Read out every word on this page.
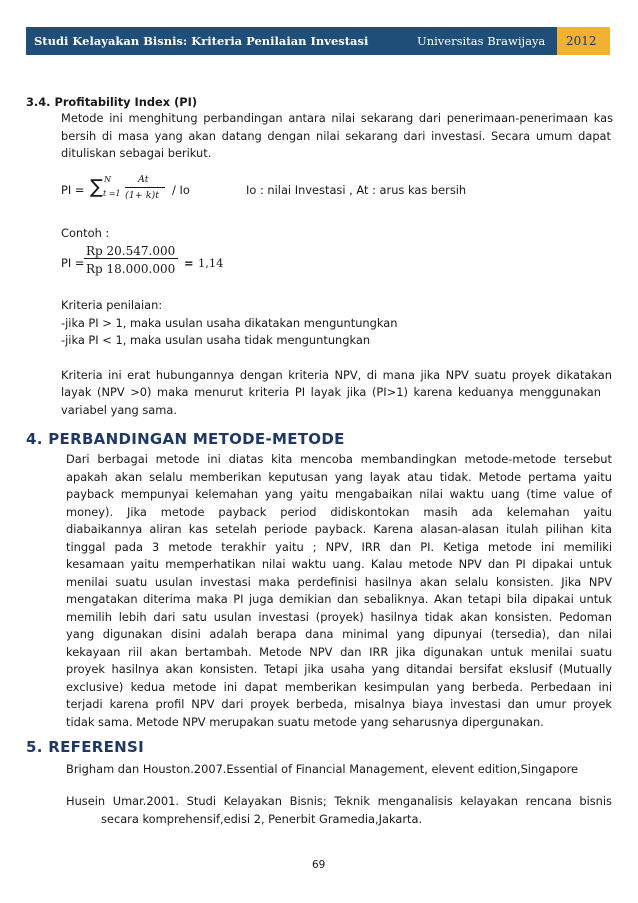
Studi Kelayakan Bisnis: Kriteria Penilaian Investasi	Universitas Brawijaya 2012
3.4. Profitability Index (PI)
Metode ini menghitung perbandingan antara nilai sekarang dari penerimaan-penerimaan kas
bersih di masa yang akan datang dengan nilai sekarang dari investasi. Secara umum dapat
dituliskan sebagai berikut.
PI = ∑ N
t =1
At
(1+ k)t / Io	Io : nilai Investasi , At : arus kas bersih
Contoh :
PI =
Rp 20.547.000
Rp 18.000.000 = 1,14
Kriteria penilaian:
-jika PI > 1, maka usulan usaha dikatakan menguntungkan
-jika PI < 1, maka usulan usaha tidak menguntungkan
Kriteria ini erat hubungannya dengan kriteria NPV, di mana jika NPV suatu proyek dikatakan
layak (NPV >0) maka menurut kriteria PI layak jika (PI>1) karena keduanya menggunakan
variabel yang sama.
4. PERBANDINGAN METODE-METODE
Dari berbagai metode ini diatas kita mencoba membandingkan metode-metode tersebut
apakah akan selalu memberikan keputusan yang layak atau tidak. Metode pertama yaitu
payback mempunyai kelemahan yang yaitu mengabaikan nilai waktu uang (time value of
money). Jika metode payback period didiskontokan masih ada kelemahan yaitu
diabaikannya aliran kas setelah periode payback. Karena alasan-alasan itulah pilihan kita
tinggal pada 3 metode terakhir yaitu ; NPV, IRR dan PI. Ketiga metode ini memiliki
kesamaan yaitu memperhatikan nilai waktu uang. Kalau metode NPV dan PI dipakai untuk
menilai suatu usulan investasi maka perdefinisi hasilnya akan selalu konsisten. Jika NPV
mengatakan diterima maka PI juga demikian dan sebaliknya. Akan tetapi bila dipakai untuk
memilih lebih dari satu usulan investasi (proyek) hasilnya tidak akan konsisten. Pedoman
yang digunakan disini adalah berapa dana minimal yang dipunyai (tersedia), dan nilai
kekayaan riil akan bertambah. Metode NPV dan IRR jika digunakan untuk menilai suatu
proyek hasilnya akan konsisten. Tetapi jika usaha yang ditandai bersifat ekslusif (Mutually
exclusive) kedua metode ini dapat memberikan kesimpulan yang berbeda. Perbedaan ini
terjadi karena profil NPV dari proyek berbeda, misalnya biaya investasi dan umur proyek
tidak sama. Metode NPV merupakan suatu metode yang seharusnya dipergunakan.
5. REFERENSI
Brigham dan Houston.2007.Essential of Financial Management, elevent edition,Singapore
Husein Umar.2001. Studi Kelayakan Bisnis; Teknik menganalisis kelayakan rencana bisnis
secara komprehensif,edisi 2, Penerbit Gramedia,Jakarta.
69
